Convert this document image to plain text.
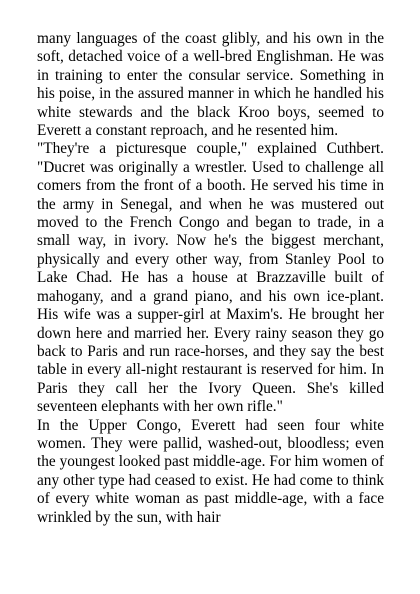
many languages of the coast glibly, and his own in the soft, detached voice of a well-bred Englishman. He was in training to enter the consular service. Something in his poise, in the assured manner in which he handled his white stewards and the black Kroo boys, seemed to Everett a constant reproach, and he resented him.

"They're a picturesque couple," explained Cuthbert. "Ducret was originally a wrestler. Used to challenge all comers from the front of a booth. He served his time in the army in Senegal, and when he was mustered out moved to the French Congo and began to trade, in a small way, in ivory. Now he's the biggest merchant, physically and every other way, from Stanley Pool to Lake Chad. He has a house at Brazzaville built of mahogany, and a grand piano, and his own ice-plant. His wife was a supper-girl at Maxim's. He brought her down here and married her. Every rainy season they go back to Paris and run race-horses, and they say the best table in every all-night restaurant is reserved for him. In Paris they call her the Ivory Queen. She's killed seventeen elephants with her own rifle."

In the Upper Congo, Everett had seen four white women. They were pallid, washed-out, bloodless; even the youngest looked past middle-age. For him women of any other type had ceased to exist. He had come to think of every white woman as past middle-age, with a face wrinkled by the sun, with hair
